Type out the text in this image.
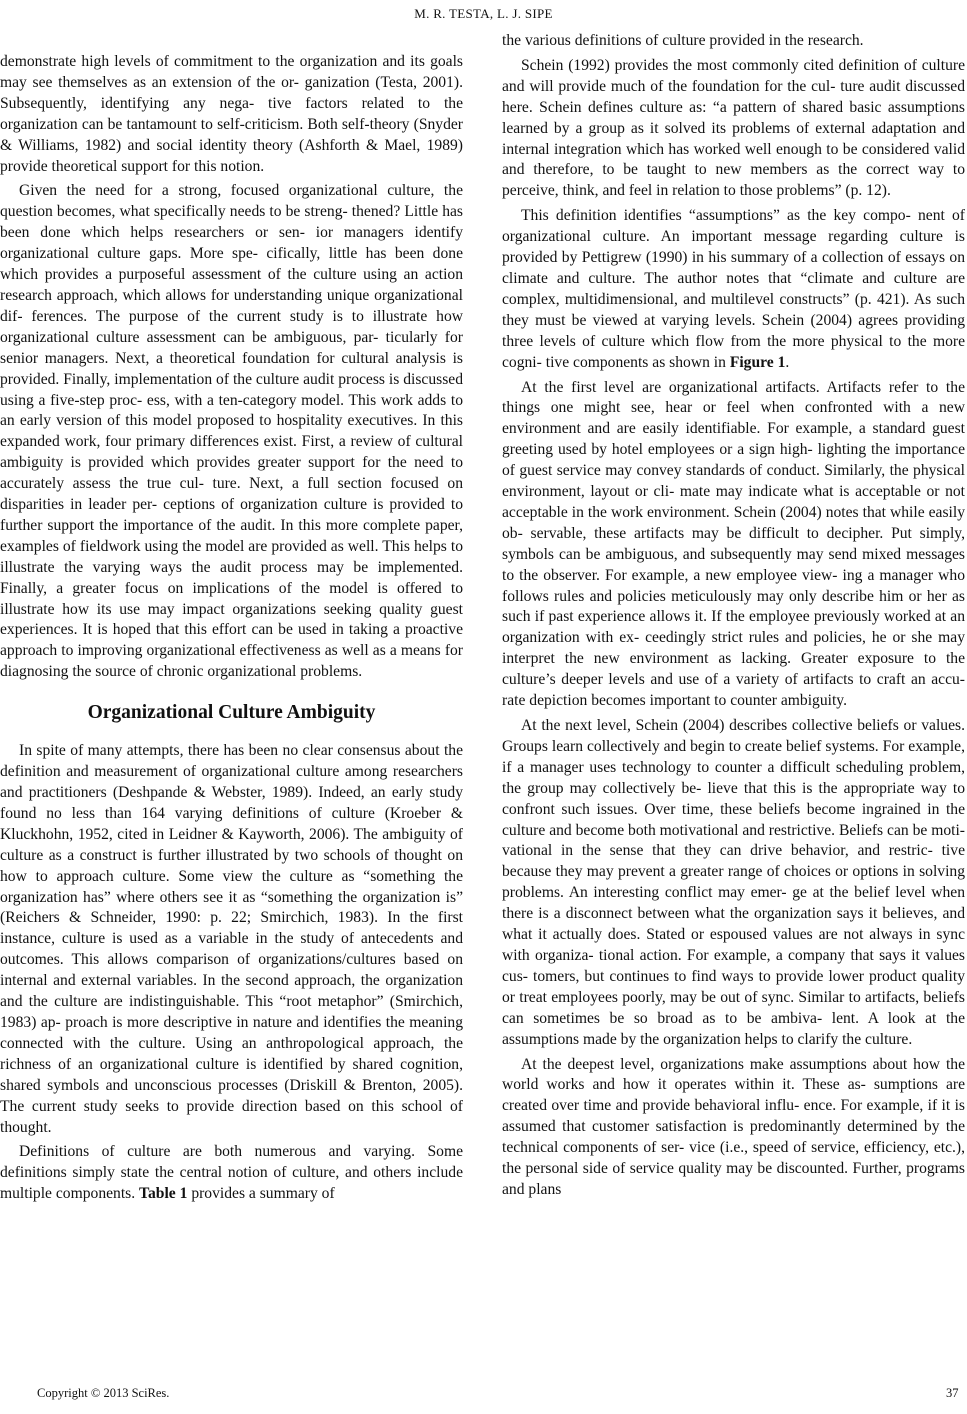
M. R. TESTA, L. J. SIPE

demonstrate high levels of commitment to the organization and its goals may see themselves as an extension of the or- ganization (Testa, 2001). Subsequently, identifying any nega- tive factors related to the organization can be tantamount to self-criticism. Both self-theory (Snyder & Williams, 1982) and social identity theory (Ashforth & Mael, 1989) provide theoretical support for this notion.

Given the need for a strong, focused organizational culture, the question becomes, what specifically needs to be streng- thened? Little has been done which helps researchers or sen- ior managers identify organizational culture gaps. More spe- cifically, little has been done which provides a purposeful assessment of the culture using an action research approach, which allows for understanding unique organizational dif- ferences. The purpose of the current study is to illustrate how organizational culture assessment can be ambiguous, par- ticularly for senior managers. Next, a theoretical foundation for cultural analysis is provided. Finally, implementation of the culture audit process is discussed using a five-step proc- ess, with a ten-category model. This work adds to an early version of this model proposed to hospitality executives. In this expanded work, four primary differences exist. First, a review of cultural ambiguity is provided which provides greater support for the need to accurately assess the true cul- ture. Next, a full section focused on disparities in leader per- ceptions of organization culture is provided to further support the importance of the audit. In this more complete paper, examples of fieldwork using the model are provided as well. This helps to illustrate the varying ways the audit process may be implemented. Finally, a greater focus on implications of the model is offered to illustrate how its use may impact organizations seeking quality guest experiences. It is hoped that this effort can be used in taking a proactive approach to improving organizational effectiveness as well as a means for diagnosing the source of chronic organizational problems.

Organizational Culture Ambiguity

In spite of many attempts, there has been no clear consensus about the definition and measurement of organizational culture among researchers and practitioners (Deshpande & Webster, 1989). Indeed, an early study found no less than 164 varying definitions of culture (Kroeber & Kluckhohn, 1952, cited in Leidner & Kayworth, 2006). The ambiguity of culture as a construct is further illustrated by two schools of thought on how to approach culture. Some view the culture as “something the organization has” where others see it as “something the organization is” (Reichers & Schneider, 1990: p. 22; Smirchich, 1983). In the first instance, culture is used as a variable in the study of antecedents and outcomes. This allows comparison of organizations/cultures based on internal and external variables. In the second approach, the organization and the culture are indistinguishable. This “root metaphor” (Smirchich, 1983) ap- proach is more descriptive in nature and identifies the meaning connected with the culture. Using an anthropological approach, the richness of an organizational culture is identified by shared cognition, shared symbols and unconscious processes (Driskill & Brenton, 2005). The current study seeks to provide direction based on this school of thought.

Definitions of culture are both numerous and varying. Some definitions simply state the central notion of culture, and others include multiple components. Table 1 provides a summary of

the various definitions of culture provided in the research.

Schein (1992) provides the most commonly cited definition of culture and will provide much of the foundation for the cul- ture audit discussed here. Schein defines culture as: “a pattern of shared basic assumptions learned by a group as it solved its problems of external adaptation and internal integration which has worked well enough to be considered valid and therefore, to be taught to new members as the correct way to perceive, think, and feel in relation to those problems” (p. 12).

This definition identifies “assumptions” as the key compo- nent of organizational culture. An important message regarding culture is provided by Pettigrew (1990) in his summary of a collection of essays on climate and culture. The author notes that “climate and culture are complex, multidimensional, and multilevel constructs” (p. 421). As such they must be viewed at varying levels. Schein (2004) agrees providing three levels of culture which flow from the more physical to the more cogni- tive components as shown in Figure 1.

At the first level are organizational artifacts. Artifacts refer to the things one might see, hear or feel when confronted with a new environment and are easily identifiable. For example, a standard guest greeting used by hotel employees or a sign high- lighting the importance of guest service may convey standards of conduct. Similarly, the physical environment, layout or cli- mate may indicate what is acceptable or not acceptable in the work environment. Schein (2004) notes that while easily ob- servable, these artifacts may be difficult to decipher. Put simply, symbols can be ambiguous, and subsequently may send mixed messages to the observer. For example, a new employee view- ing a manager who follows rules and policies meticulously may only describe him or her as such if past experience allows it. If the employee previously worked at an organization with ex- ceedingly strict rules and policies, he or she may interpret the new environment as lacking. Greater exposure to the culture’s deeper levels and use of a variety of artifacts to craft an accu- rate depiction becomes important to counter ambiguity.

At the next level, Schein (2004) describes collective beliefs or values. Groups learn collectively and begin to create belief systems. For example, if a manager uses technology to counter a difficult scheduling problem, the group may collectively be- lieve that this is the appropriate way to confront such issues. Over time, these beliefs become ingrained in the culture and become both motivational and restrictive. Beliefs can be moti- vational in the sense that they can drive behavior, and restric- tive because they may prevent a greater range of choices or options in solving problems. An interesting conflict may emer- ge at the belief level when there is a disconnect between what the organization says it believes, and what it actually does. Stated or espoused values are not always in sync with organiza- tional action. For example, a company that says it values cus- tomers, but continues to find ways to provide lower product quality or treat employees poorly, may be out of sync. Similar to artifacts, beliefs can sometimes be so broad as to be ambiva- lent. A look at the assumptions made by the organization helps to clarify the culture.

At the deepest level, organizations make assumptions about how the world works and how it operates within it. These as- sumptions are created over time and provide behavioral influ- ence. For example, if it is assumed that customer satisfaction is predominantly determined by the technical components of ser- vice (i.e., speed of service, efficiency, etc.), the personal side of service quality may be discounted. Further, programs and plans

Copyright © 2013 SciRes.	37
